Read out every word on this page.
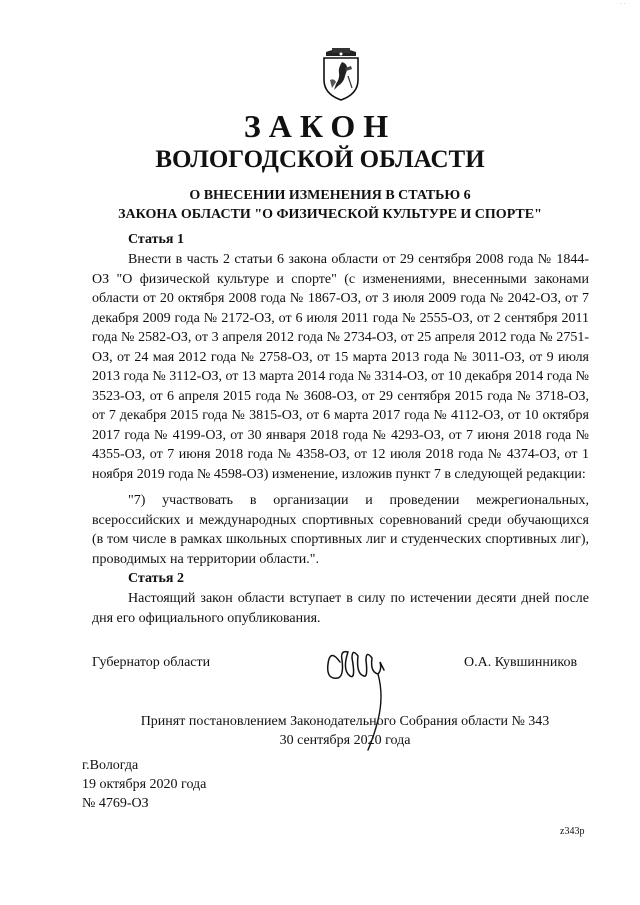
· ·
ЗАКОН
ВОЛОГОДСКОЙ ОБЛАСТИ
О ВНЕСЕНИИ ИЗМЕНЕНИЯ В СТАТЬЮ 6
ЗАКОНА ОБЛАСТИ "О ФИЗИЧЕСКОЙ КУЛЬТУРЕ И СПОРТЕ"
Статья 1

Внести в часть 2 статьи 6 закона области от 29 сентября 2008 года № 1844-ОЗ "О физической культуре и спорте" (с изменениями, внесенными законами области от 20 октября 2008 года № 1867-ОЗ, от 3 июля 2009 года № 2042-ОЗ, от 7 декабря 2009 года № 2172-ОЗ, от 6 июля 2011 года № 2555-ОЗ, от 2 сентября 2011 года № 2582-ОЗ, от 3 апреля 2012 года № 2734-ОЗ, от 25 апреля 2012 года № 2751-ОЗ, от 24 мая 2012 года № 2758-ОЗ, от 15 марта 2013 года № 3011-ОЗ, от 9 июля 2013 года № 3112-ОЗ, от 13 марта 2014 года № 3314-ОЗ, от 10 декабря 2014 года № 3523-ОЗ, от 6 апреля 2015 года № 3608-ОЗ, от 29 сентября 2015 года № 3718-ОЗ, от 7 декабря 2015 года № 3815-ОЗ, от 6 марта 2017 года № 4112-ОЗ, от 10 октября 2017 года № 4199-ОЗ, от 30 января 2018 года № 4293-ОЗ, от 7 июня 2018 года № 4355-ОЗ, от 7 июня 2018 года № 4358-ОЗ, от 12 июля 2018 года № 4374-ОЗ, от 1 ноября 2019 года № 4598-ОЗ) изменение, изложив пункт 7 в следующей редакции:

"7) участвовать в организации и проведении межрегиональных, всероссийских и международных спортивных соревнований среди обучающихся (в том числе в рамках школьных спортивных лиг и студенческих спортивных лиг), проводимых на территории области.".

Статья 2

Настоящий закон области вступает в силу по истечении десяти дней после дня его официального опубликования.

Губернатор области	О.А. Кувшинников
Принят постановлением Законодательного Собрания области № 343
30 сентября 2020 года
г.Вологда
19 октября 2020 года
№ 4769-ОЗ
z343p
